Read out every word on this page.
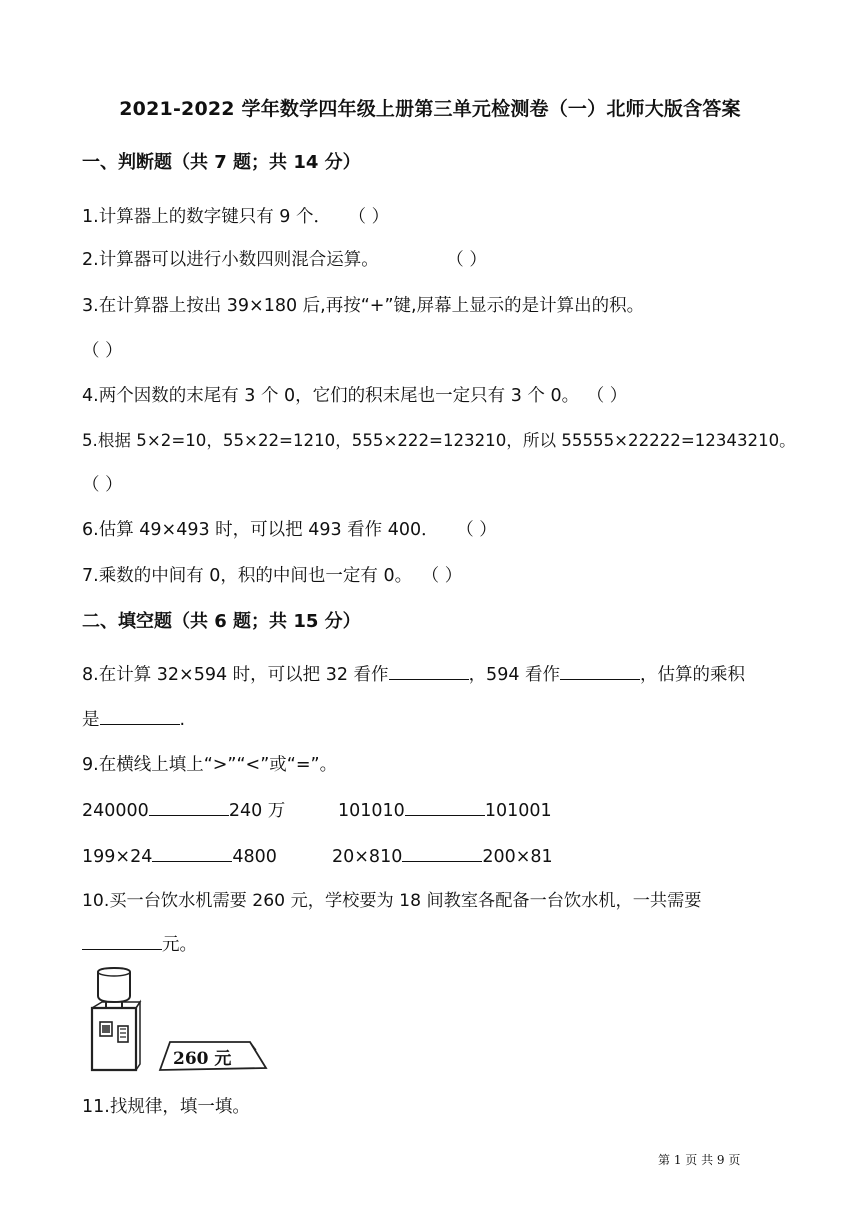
2021-2022 学年数学四年级上册第三单元检测卷（一）北师大版含答案
一、判断题（共 7 题；共 14 分）
1.计算器上的数字键只有 9 个． （ ）
2.计算器可以进行小数四则混合运算。	（ ）
3.在计算器上按出 39×180 后,再按“+”键,屏幕上显示的是计算出的积。
（ ）
4.两个因数的末尾有 3 个 0，它们的积末尾也一定只有 3 个 0。 （ ）
5.根据 5×2=10，55×22=1210，555×222=123210，所以 55555×22222=12343210。
（ ）
6.估算 49×493 时，可以把 493 看作 400． （ ）
7.乘数的中间有 0，积的中间也一定有 0。 （ ）
二、填空题（共 6 题；共 15 分）
8.在计算 32×594 时，可以把 32 看作	，594 看作	，估算的乘积
是	.
9.在横线上填上“>”“<”或“=”。
240000	240 万	101010	101001
199×24	4800	20×810	200×81
10.买一台饮水机需要 260 元，学校要为 18 间教室各配备一台饮水机，一共需要
元。
260 元
11.找规律，填一填。
第 1 页 共 9 页
